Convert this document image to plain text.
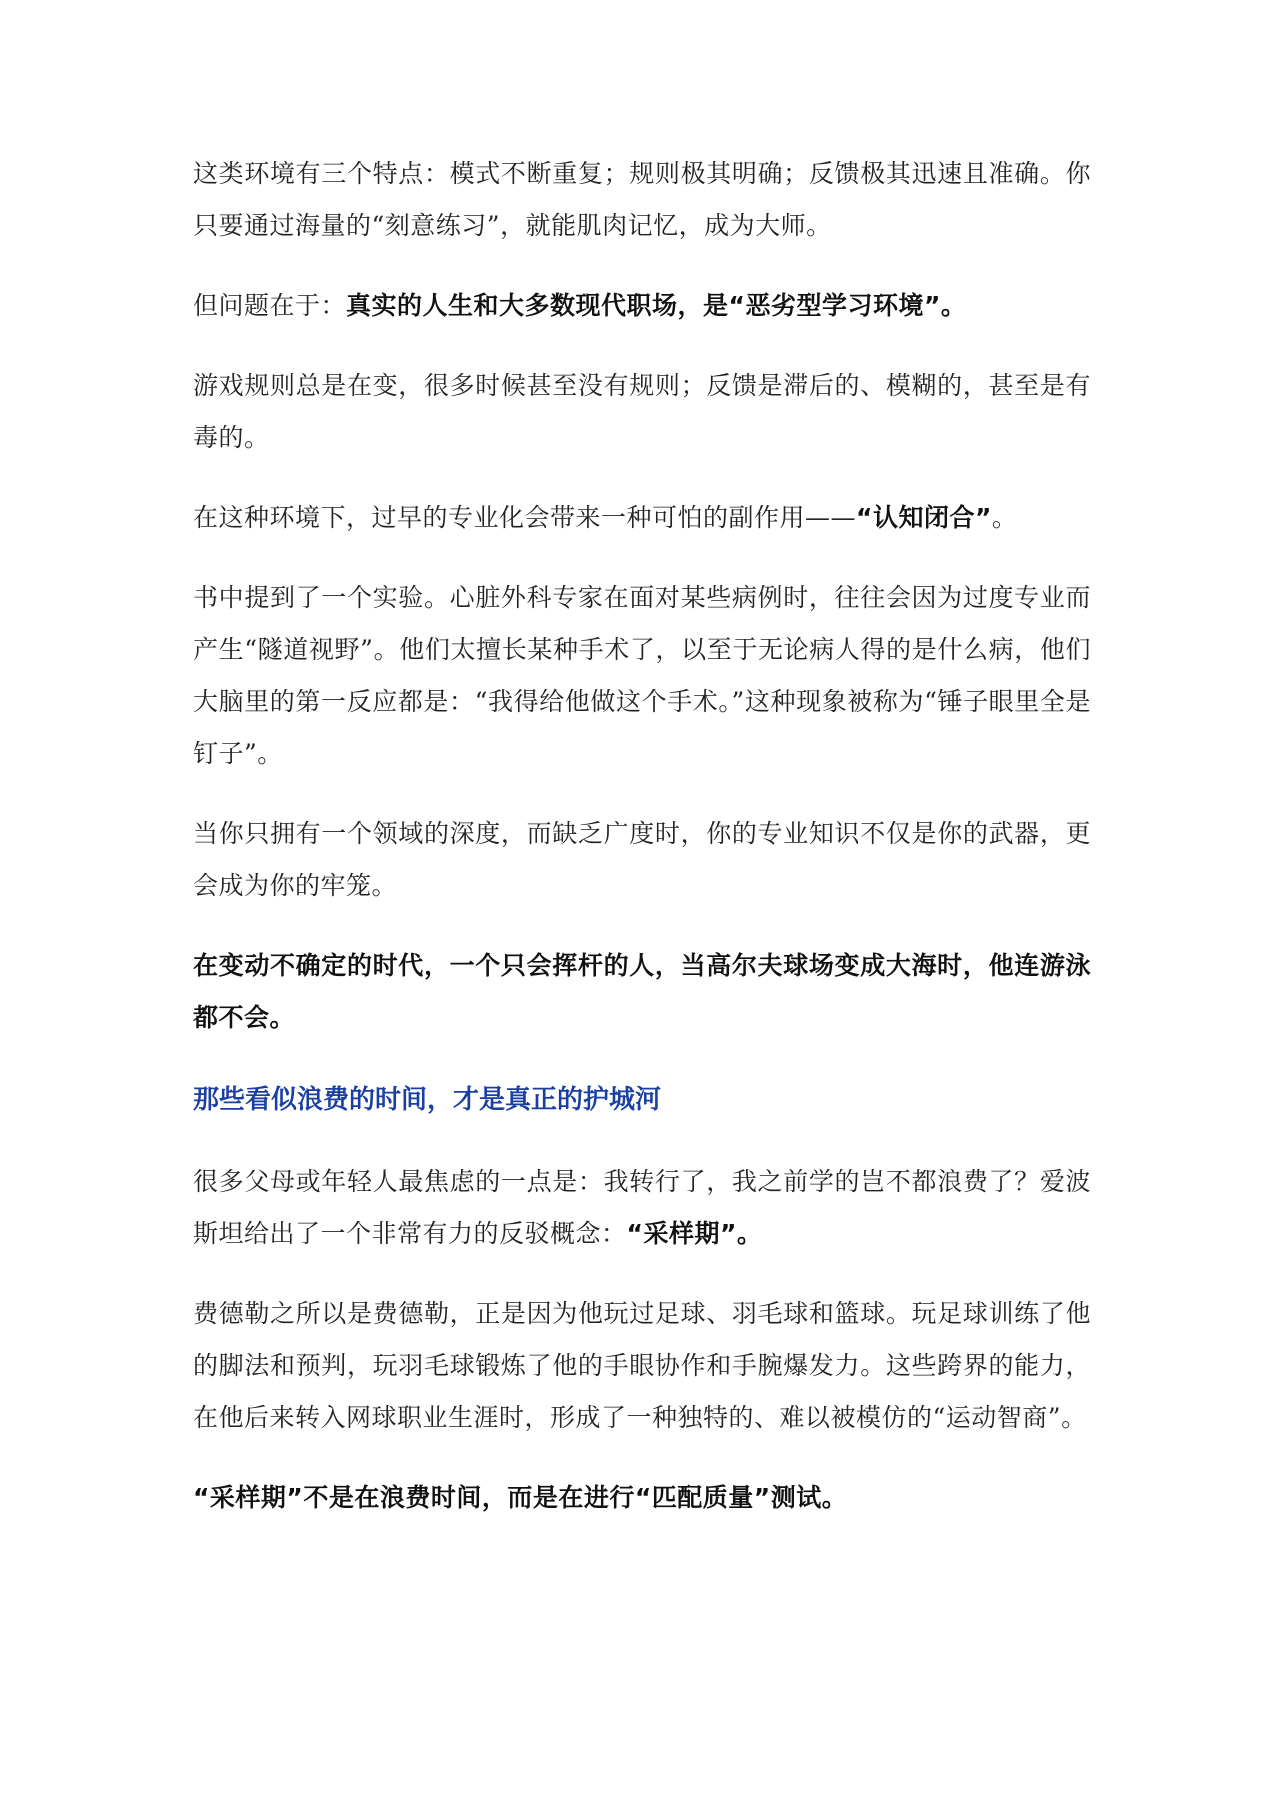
这类环境有三个特点：模式不断重复；规则极其明确；反馈极其迅速且准确。你只要通过海量的“刻意练习”，就能肌肉记忆，成为大师。

但问题在于：真实的人生和大多数现代职场，是“恶劣型学习环境”。

游戏规则总是在变，很多时候甚至没有规则；反馈是滞后的、模糊的，甚至是有毒的。

在这种环境下，过早的专业化会带来一种可怕的副作用——“认知闭合”。

书中提到了一个实验。心脏外科专家在面对某些病例时，往往会因为过度专业而产生“隧道视野”。他们太擅长某种手术了，以至于无论病人得的是什么病，他们大脑里的第一反应都是：“我得给他做这个手术。”这种现象被称为“锤子眼里全是钉子”。

当你只拥有一个领域的深度，而缺乏广度时，你的专业知识不仅是你的武器，更会成为你的牢笼。

在变动不确定的时代，一个只会挥杆的人，当高尔夫球场变成大海时，他连游泳都不会。

那些看似浪费的时间，才是真正的护城河

很多父母或年轻人最焦虑的一点是：我转行了，我之前学的岂不都浪费了？爱波斯坦给出了一个非常有力的反驳概念：“采样期”。

费德勒之所以是费德勒，正是因为他玩过足球、羽毛球和篮球。玩足球训练了他的脚法和预判，玩羽毛球锻炼了他的手眼协作和手腕爆发力。这些跨界的能力，在他后来转入网球职业生涯时，形成了一种独特的、难以被模仿的“运动智商”。

“采样期”不是在浪费时间，而是在进行“匹配质量”测试。
